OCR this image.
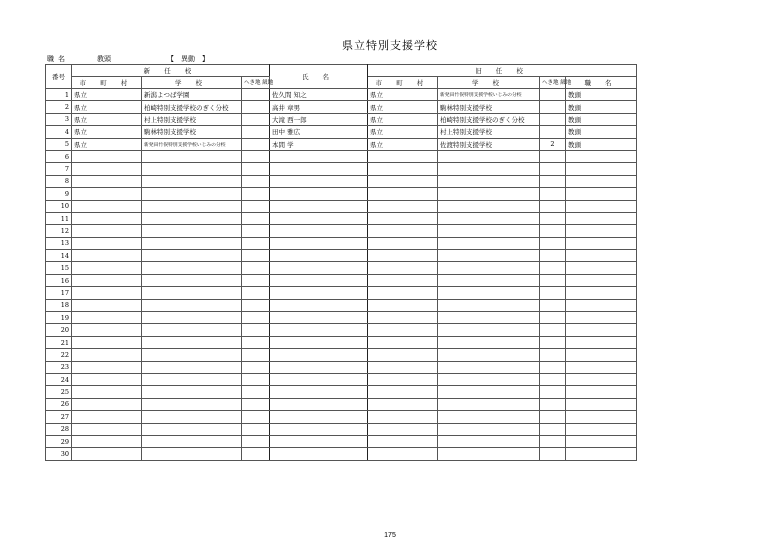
県立特別支援学校
職名	教頭	【　異動　】
番号	新 任 校			氏 名	旧 任 校			
	市 町 村	学 校	へき地 級地		市 町 村	学 校	へき地 級地	職 名
1	県立	新潟よつば学園		佐久間 知之	県立	新発田竹俣特別支援学校いじみの分校		教頭
2	県立	柏崎特別支援学校のぎく分校		高井 章男	県立	駒林特別支援学校		教頭
3	県立	村上特別支援学校		大滝 西一郎	県立	柏崎特別支援学校のぎく分校		教頭
4	県立	駒林特別支援学校		田中 雅広	県立	村上特別支援学校		教頭
5	県立	新発田竹俣特別支援学校いじみの分校		本間 学	県立	佐渡特別支援学校	2	教頭
6								
7								
8								
9								
10								
11								
12								
13								
14								
15								
16								
17								
18								
19								
20								
21								
22								
23								
24								
25								
26								
27								
28								
29								
30								
175
